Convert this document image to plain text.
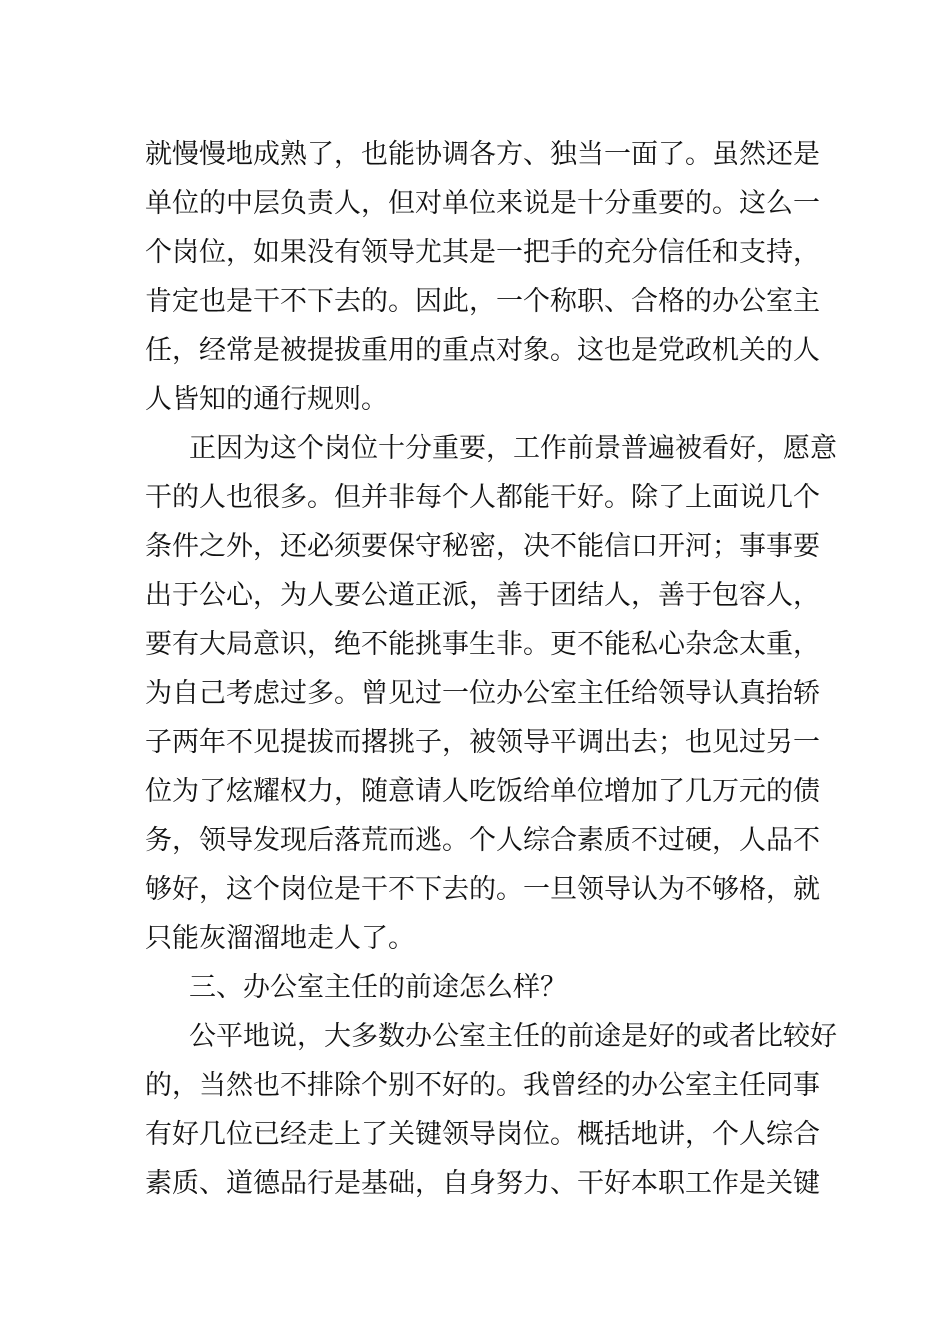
就慢慢地成熟了，也能协调各方、独当一面了。虽然还是
单位的中层负责人，但对单位来说是十分重要的。这么一
个岗位，如果没有领导尤其是一把手的充分信任和支持，
肯定也是干不下去的。因此，一个称职、合格的办公室主
任，经常是被提拔重用的重点对象。这也是党政机关的人
人皆知的通行规则。
正因为这个岗位十分重要，工作前景普遍被看好，愿意
干的人也很多。但并非每个人都能干好。除了上面说几个
条件之外，还必须要保守秘密，决不能信口开河；事事要
出于公心，为人要公道正派，善于团结人，善于包容人，
要有大局意识，绝不能挑事生非。更不能私心杂念太重，
为自己考虑过多。曾见过一位办公室主任给领导认真抬轿
子两年不见提拔而撂挑子，被领导平调出去；也见过另一
位为了炫耀权力，随意请人吃饭给单位增加了几万元的债
务，领导发现后落荒而逃。个人综合素质不过硬，人品不
够好，这个岗位是干不下去的。一旦领导认为不够格，就
只能灰溜溜地走人了。
三、办公室主任的前途怎么样？
公平地说，大多数办公室主任的前途是好的或者比较好
的，当然也不排除个别不好的。我曾经的办公室主任同事
有好几位已经走上了关键领导岗位。概括地讲，个人综合
素质、道德品行是基础，自身努力、干好本职工作是关键
